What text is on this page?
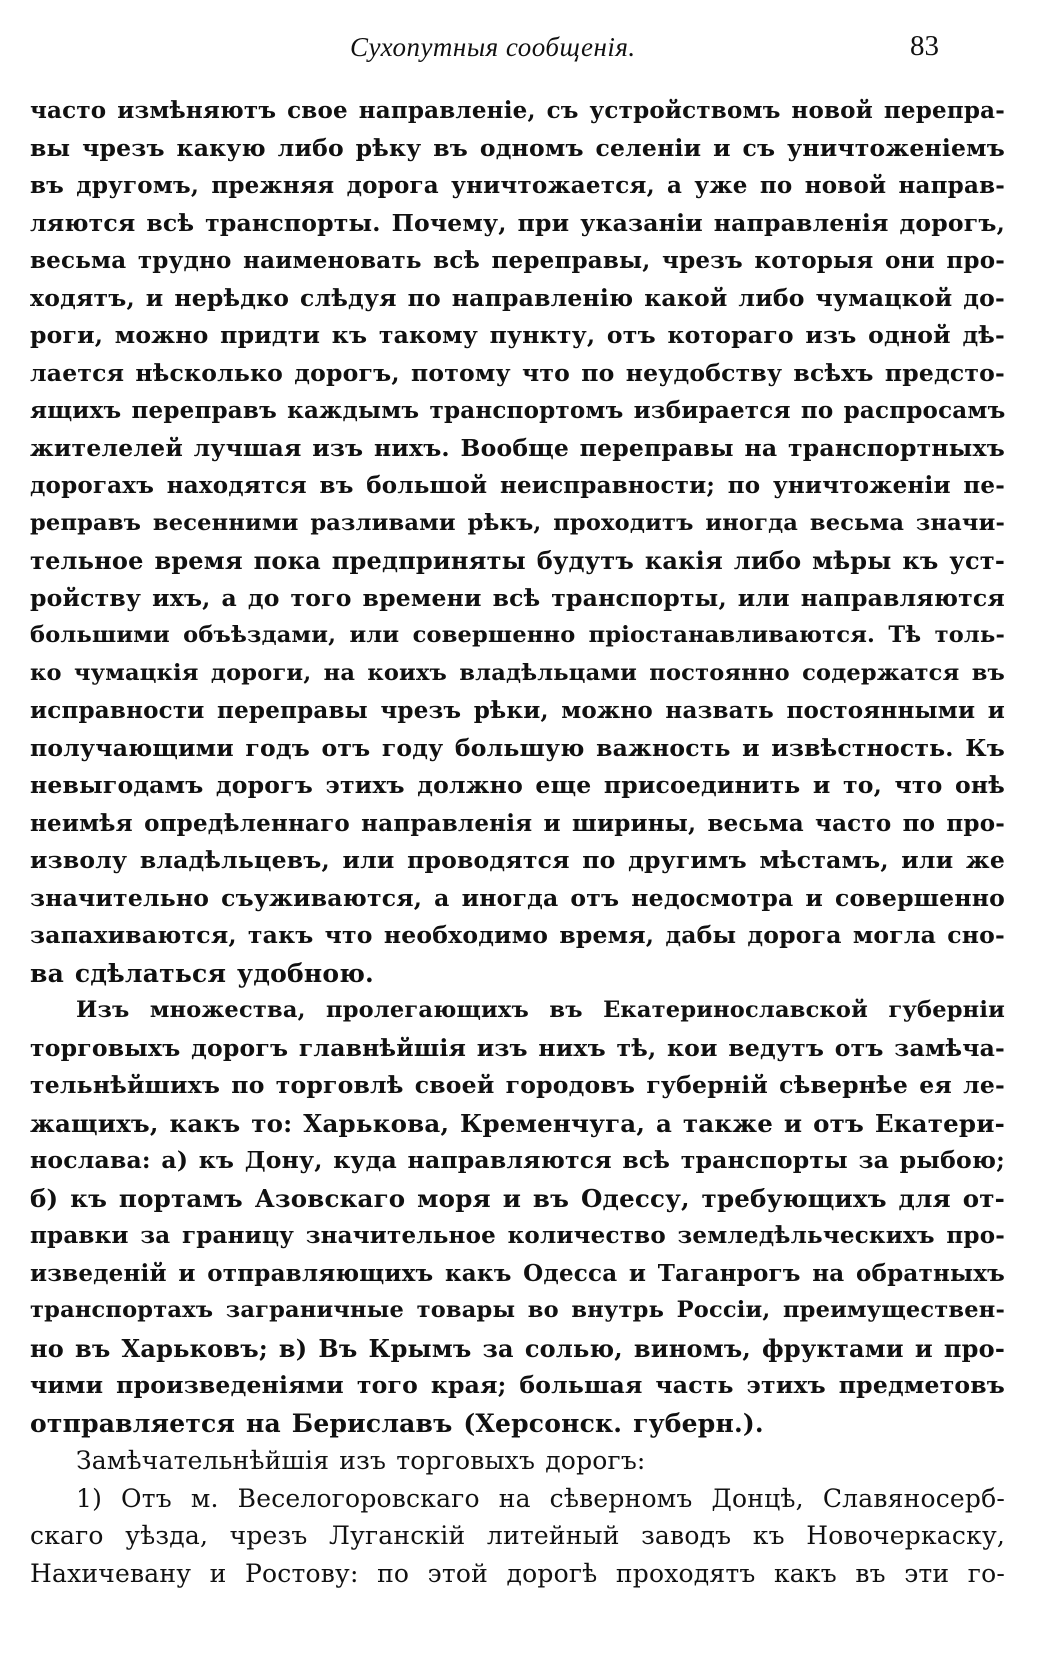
Сухопутныя сообщенія.	83
часто измѣняютъ свое направленіе, съ устройствомъ новой перепра-
вы чрезъ какую либо рѣку въ одномъ селеніи и съ уничтоженіемъ
въ другомъ, прежняя дорога уничтожается, а уже по новой направ-
ляются всѣ транспорты. Почему, при указаніи направленія дорогъ,
весьма трудно наименовать всѣ переправы, чрезъ которыя они про-
ходятъ, и нерѣдко слѣдуя по направленію какой либо чумацкой до-
роги, можно придти къ такому пункту, отъ котораго изъ одной дѣ-
лается нѣсколько дорогъ, потому что по неудобству всѣхъ предсто-
ящихъ переправъ каждымъ транспортомъ избирается по распросамъ
жителелей лучшая изъ нихъ. Вообще переправы на транспортныхъ
дорогахъ находятся въ большой неисправности; по уничтоженіи пе-
реправъ весенними разливами рѣкъ, проходитъ иногда весьма значи-
тельное время пока предприняты будутъ какія либо мѣры къ уст-
ройству ихъ, а до того времени всѣ транспорты, или направляются
большими объѣздами, или совершенно пріостанавливаются. Тѣ толь-
ко чумацкія дороги, на коихъ владѣльцами постоянно содержатся въ
исправности переправы чрезъ рѣки, можно назвать постоянными и
получающими годъ отъ году большую важность и извѣстность. Къ
невыгодамъ дорогъ этихъ должно еще присоединить и то, что онѣ
неимѣя опредѣленнаго направленія и ширины, весьма часто по про-
изволу владѣльцевъ, или проводятся по другимъ мѣстамъ, или же
значительно съуживаются, а иногда отъ недосмотра и совершенно
запахиваются, такъ что необходимо время, дабы дорога могла сно-
ва сдѣлаться удобною.
Изъ множества, пролегающихъ въ Екатеринославской губерніи
торговыхъ дорогъ главнѣйшія изъ нихъ тѣ, кои ведутъ отъ замѣча-
тельнѣйшихъ по торговлѣ своей городовъ губерній сѣвернѣе ея ле-
жащихъ, какъ то: Харькова, Кременчуга, а также и отъ Екатери-
нослава: а) къ Дону, куда направляются всѣ транспорты за рыбою;
б) къ портамъ Азовскаго моря и въ Одессу, требующихъ для от-
правки за границу значительное количество земледѣльческихъ про-
изведеній и отправляющихъ какъ Одесса и Таганрогъ на обратныхъ
транспортахъ заграничные товары во внутрь Россіи, преимуществен-
но въ Харьковъ; в) Въ Крымъ за солью, виномъ, фруктами и про-
чими произведеніями того края; большая часть этихъ предметовъ
отправляется на Бериславъ (Херсонск. губерн.).
Замѣчательнѣйшія изъ торговыхъ дорогъ:
1) Отъ м. Веселогоровскаго на сѣверномъ Донцѣ, Славяносерб-
скаго уѣзда, чрезъ Луганскій литейный заводъ къ Новочеркаску,
Нахичевану и Ростову: по этой дорогѣ проходятъ какъ въ эти го-
